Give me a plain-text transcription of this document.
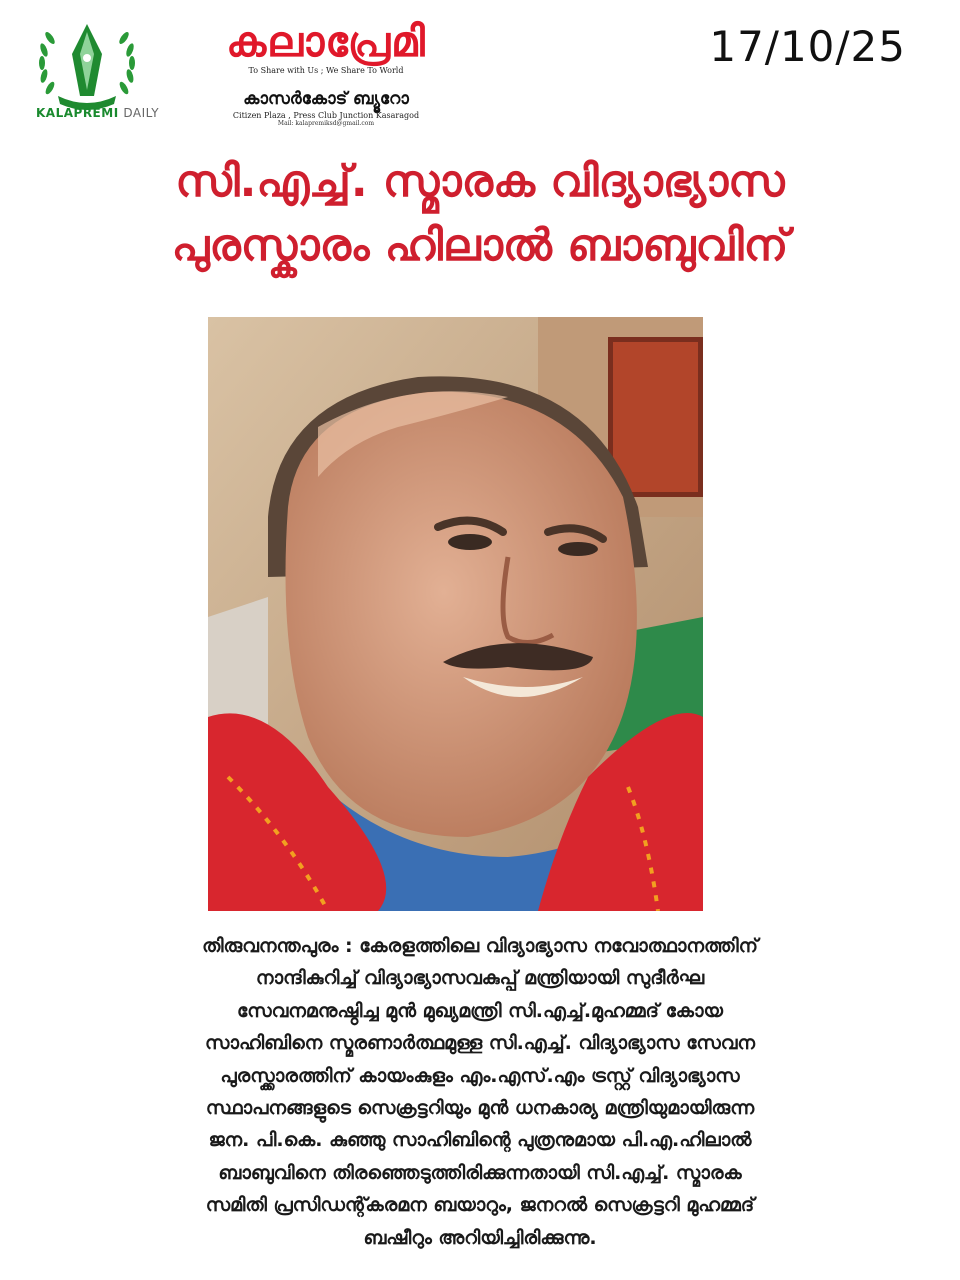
KALAPREMI DAILY
കലാപ്രേമി
To Share with Us ; We Share To World
കാസർകോട് ബ്യൂറോ
Citizen Plaza , Press Club Junction Kasaragod
Mail: kalapremiksd@gmail.com
17/10/25
സി.എച്ച്. സ്മാരക വിദ്യാഭ്യാസ
പുരസ്കാരം ഹിലാൽ ബാബുവിന്
തിരുവനന്തപുരം : കേരളത്തിലെ വിദ്യാഭ്യാസ നവോത്ഥാനത്തിന്
നാന്ദികുറിച്ച് വിദ്യാഭ്യാസവകുപ്പ് മന്ത്രിയായി സുദീർഘ
സേവനമനുഷ്ഠിച്ച മുൻ മുഖ്യമന്ത്രി സി.എച്ച്.മുഹമ്മദ് കോയ
സാഹിബിനെ സ്മരണാർത്ഥമുള്ള സി.എച്ച്. വിദ്യാഭ്യാസ സേവന
പുരസ്ക്കാരത്തിന് കായംകുളം എം.എസ്.എം ട്രസ്റ്റ് വിദ്യാഭ്യാസ
സ്ഥാപനങ്ങളുടെ സെക്രട്ടറിയും മുൻ ധനകാര്യ മന്ത്രിയുമായിരുന്ന
ജന. പി.കെ. കുഞ്ഞു സാഹിബിന്റെ പുത്രനുമായ പി.എ.ഹിലാൽ
ബാബുവിനെ തിരഞ്ഞെടുത്തിരിക്കുന്നതായി സി.എച്ച്. സ്മാരക
സമിതി പ്രസിഡന്റ്കരമന ബയാറും, ജനറൽ സെക്രട്ടറി മുഹമ്മദ്
ബഷീറും അറിയിച്ചിരിക്കുന്നു.
